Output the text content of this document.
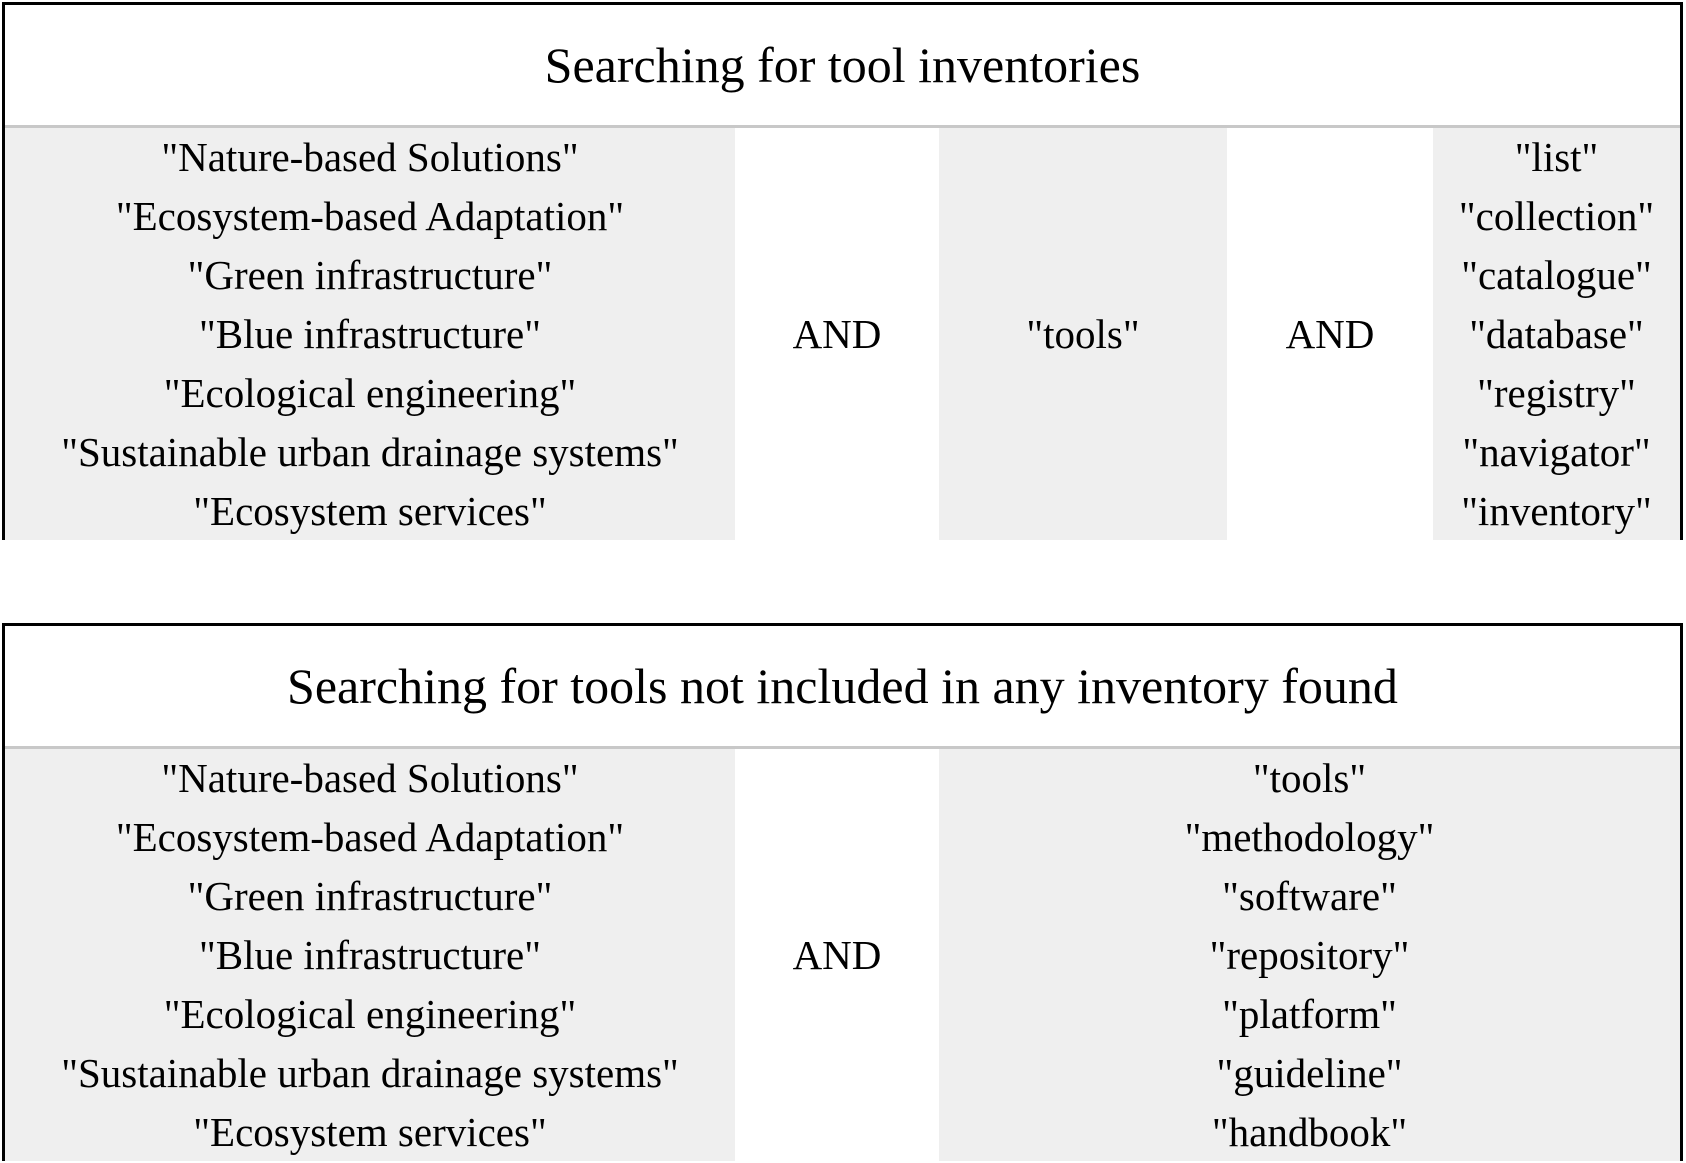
Searching for tool inventories
"Nature-based Solutions"
"Ecosystem-based Adaptation"
"Green infrastructure"
"Blue infrastructure"
"Ecological engineering"
"Sustainable urban drainage systems"
"Ecosystem services"
AND	"tools"	AND
"list"
"collection"
"catalogue"
"database"
"registry"
"navigator"
"inventory"
Searching for tools not included in any inventory found
"Nature-based Solutions"
"Ecosystem-based Adaptation"
"Green infrastructure"
"Blue infrastructure"
"Ecological engineering"
"Sustainable urban drainage systems"
"Ecosystem services"
AND
"tools"
"methodology"
"software"
"repository"
"platform"
"guideline"
"handbook"
